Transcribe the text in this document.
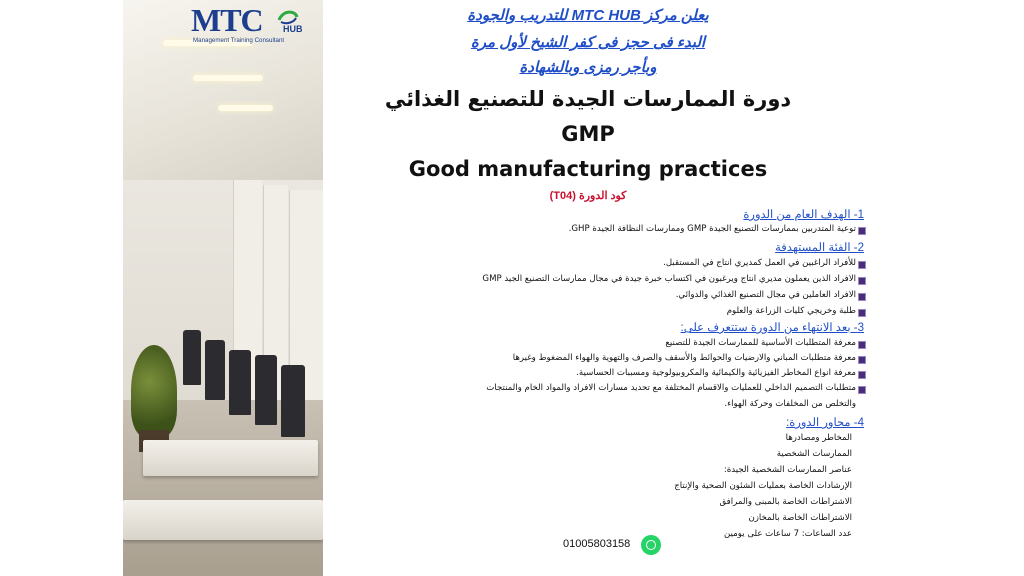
MTC HUB
Management Training Consultant
يعلن مركز MTC HUB للتدريب والجودة
البدء فى حجز فى كفر الشيخ لأول مرة
وبأجر رمزى وبالشهادة
دورة الممارسات الجيدة للتصنيع الغذائي
GMP
Good manufacturing practices
كود الدورة (T04)
1- الهدف العام من الدورة
توعية المتدربين بممارسات التصنيع الجيدة GMP وممارسات النظافة الجيدة GHP.
2- الفئة المستهدفة
للأفراد الراغبين في العمل كمديري انتاج في المستقبل.
الافراد الذين يعملون مديري انتاج ويرغبون في اكتساب خبرة جيدة في مجال ممارسات التصنيع الجيد GMP
الافراد العاملين في مجال التصنيع الغذائي والدوائي.
طلبة وخريجي كليات الزراعة والعلوم
3- بعد الانتهاء من الدورة ستتعرف على:
معرفة المتطلبات الأساسية للممارسات الجيدة للتصنيع
معرفة متطلبات المباني والارضيات والحوائط والأسقف والصرف والتهوية والهواء المضغوط وغيرها
معرفة انواع المخاطر الفيزيائية والكيمائية والمكروبيولوجية ومسببات الحساسية.
متطلبات التصميم الداخلي للعمليات والاقسام المختلفة مع تحديد مسارات الافراد والمواد الخام والمنتجات
والتخلص من المخلفات وحركة الهواء.
4- محاور الدورة:
المخاطر ومصادرها
الممارسات الشخصية
عناصر الممارسات الشخصية الجيدة:
الإرشادات الخاصة بعمليات الشئون الصحية والإنتاج
الاشتراطات الخاصة بالمبنى والمرافق
الاشتراطات الخاصة بالمخازن
عدد الساعات: 7 ساعات على يومين
01005803158
